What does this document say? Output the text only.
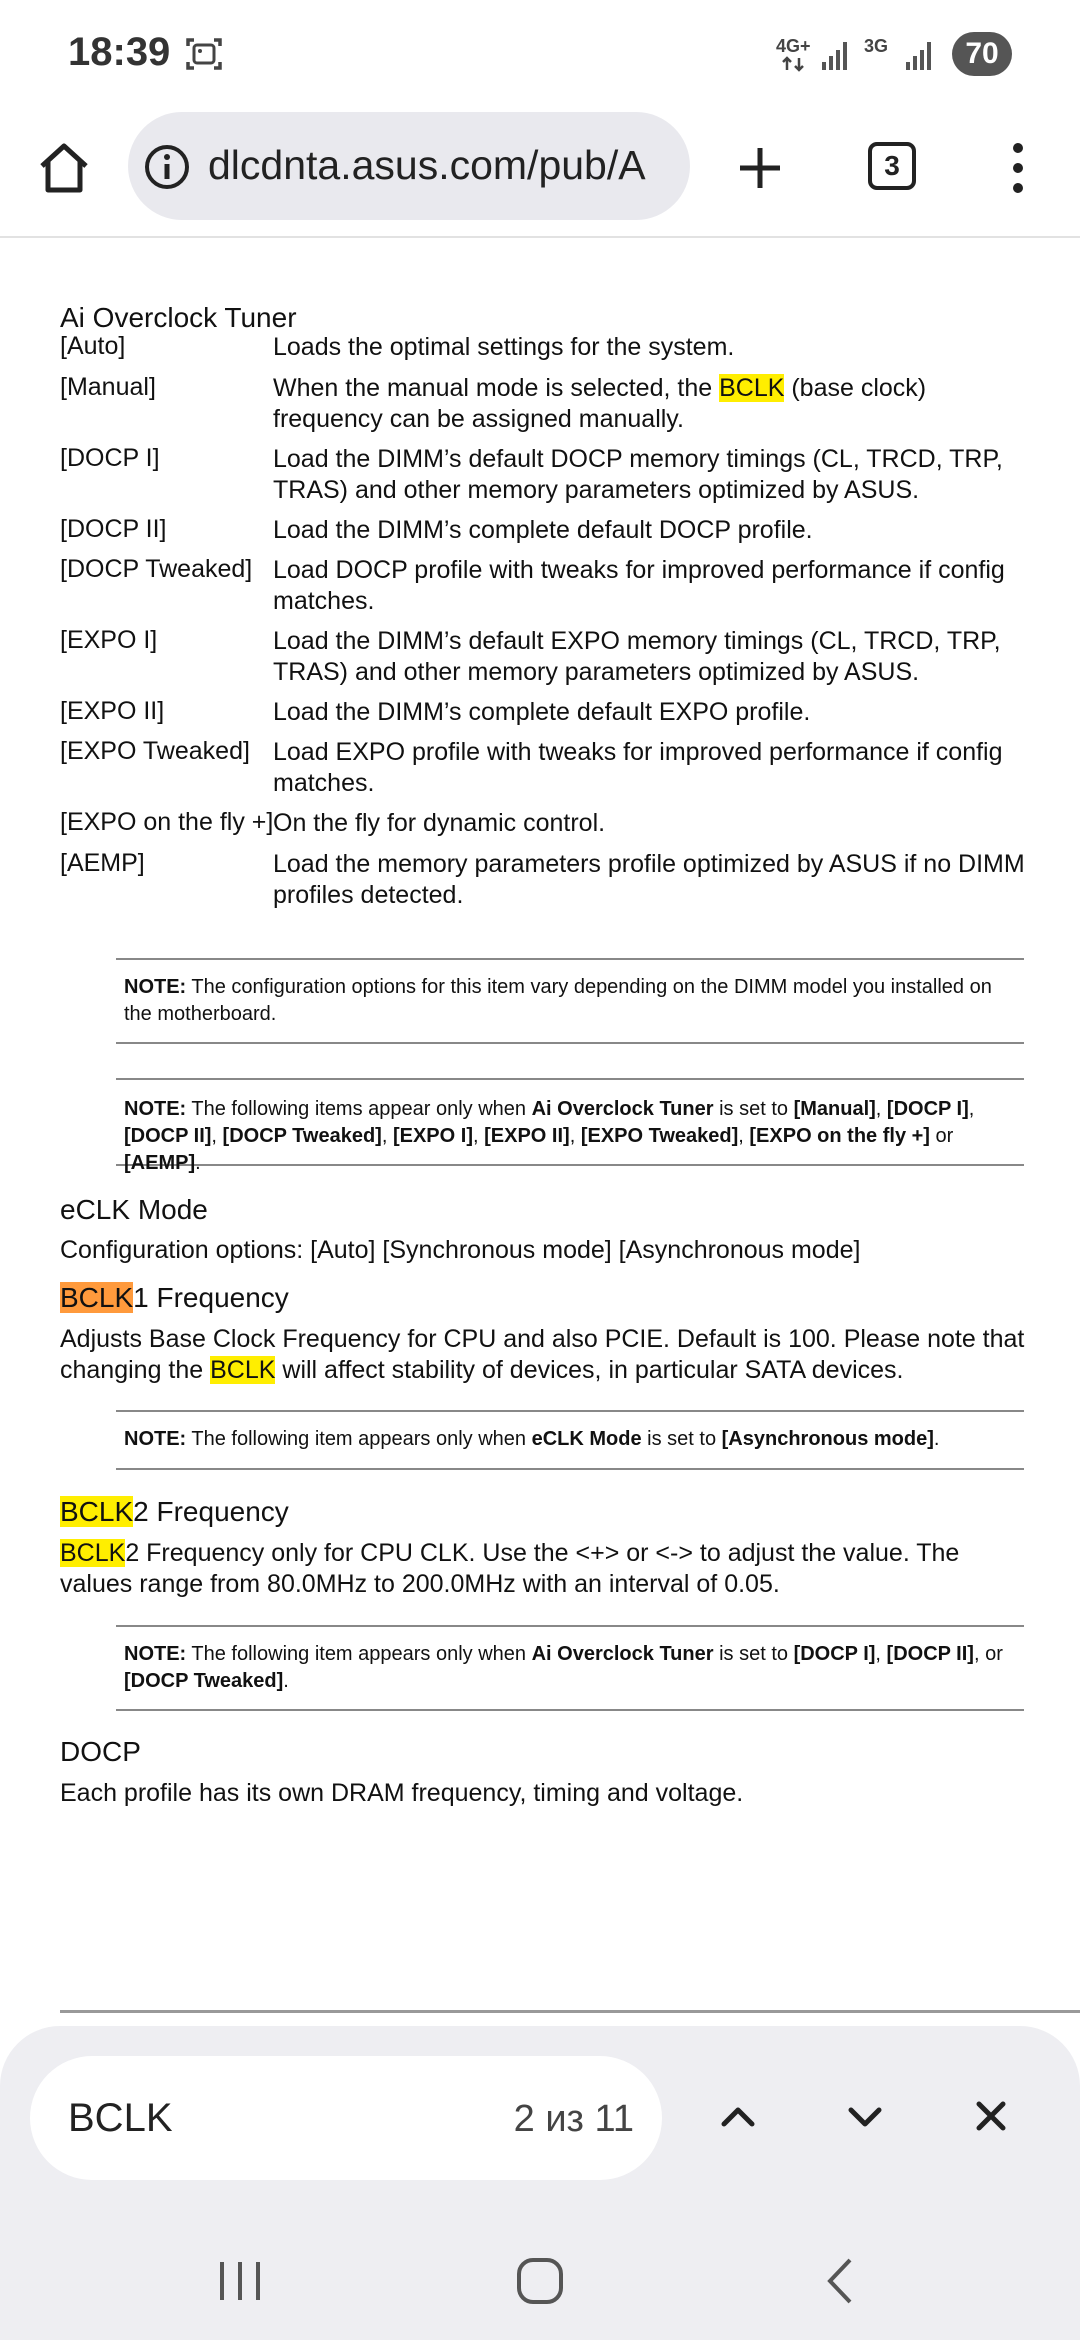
18:39	4G+	3G	70
dlcdnta.asus.com/pub/A	3
Ai Overclock Tuner
[Auto]	Loads the optimal settings for the system.
[Manual]	When the manual mode is selected, the BCLK (base clock) frequency can be assigned manually.
[DOCP I]	Load the DIMM’s default DOCP memory timings (CL, TRCD, TRP, TRAS) and other memory parameters optimized by ASUS.
[DOCP II]	Load the DIMM’s complete default DOCP profile.
[DOCP Tweaked] Load DOCP profile with tweaks for improved performance if config matches.
[EXPO I]	Load the DIMM’s default EXPO memory timings (CL, TRCD, TRP, TRAS) and other memory parameters optimized by ASUS.
[EXPO II]	Load the DIMM’s complete default EXPO profile.
[EXPO Tweaked] Load EXPO profile with tweaks for improved performance if config matches.
[EXPO on the fly +] On the fly for dynamic control.
[AEMP]	Load the memory parameters profile optimized by ASUS if no DIMM profiles detected.
NOTE: The configuration options for this item vary depending on the DIMM model you installed on the motherboard.
NOTE: The following items appear only when Ai Overclock Tuner is set to [Manual], [DOCP I], [DOCP II], [DOCP Tweaked], [EXPO I], [EXPO II], [EXPO Tweaked], [EXPO on the fly +] or [AEMP].
eCLK Mode
Configuration options: [Auto] [Synchronous mode] [Asynchronous mode]
BCLK1 Frequency
Adjusts Base Clock Frequency for CPU and also PCIE. Default is 100. Please note that changing the BCLK will affect stability of devices, in particular SATA devices.
NOTE: The following item appears only when eCLK Mode is set to [Asynchronous mode].
BCLK2 Frequency
BCLK2 Frequency only for CPU CLK. Use the <+> or <-> to adjust the value. The values range from 80.0MHz to 200.0MHz with an interval of 0.05.
NOTE: The following item appears only when Ai Overclock Tuner is set to [DOCP I], [DOCP II], or [DOCP Tweaked].
DOCP
Each profile has its own DRAM frequency, timing and voltage.
BCLK	2 из 11
